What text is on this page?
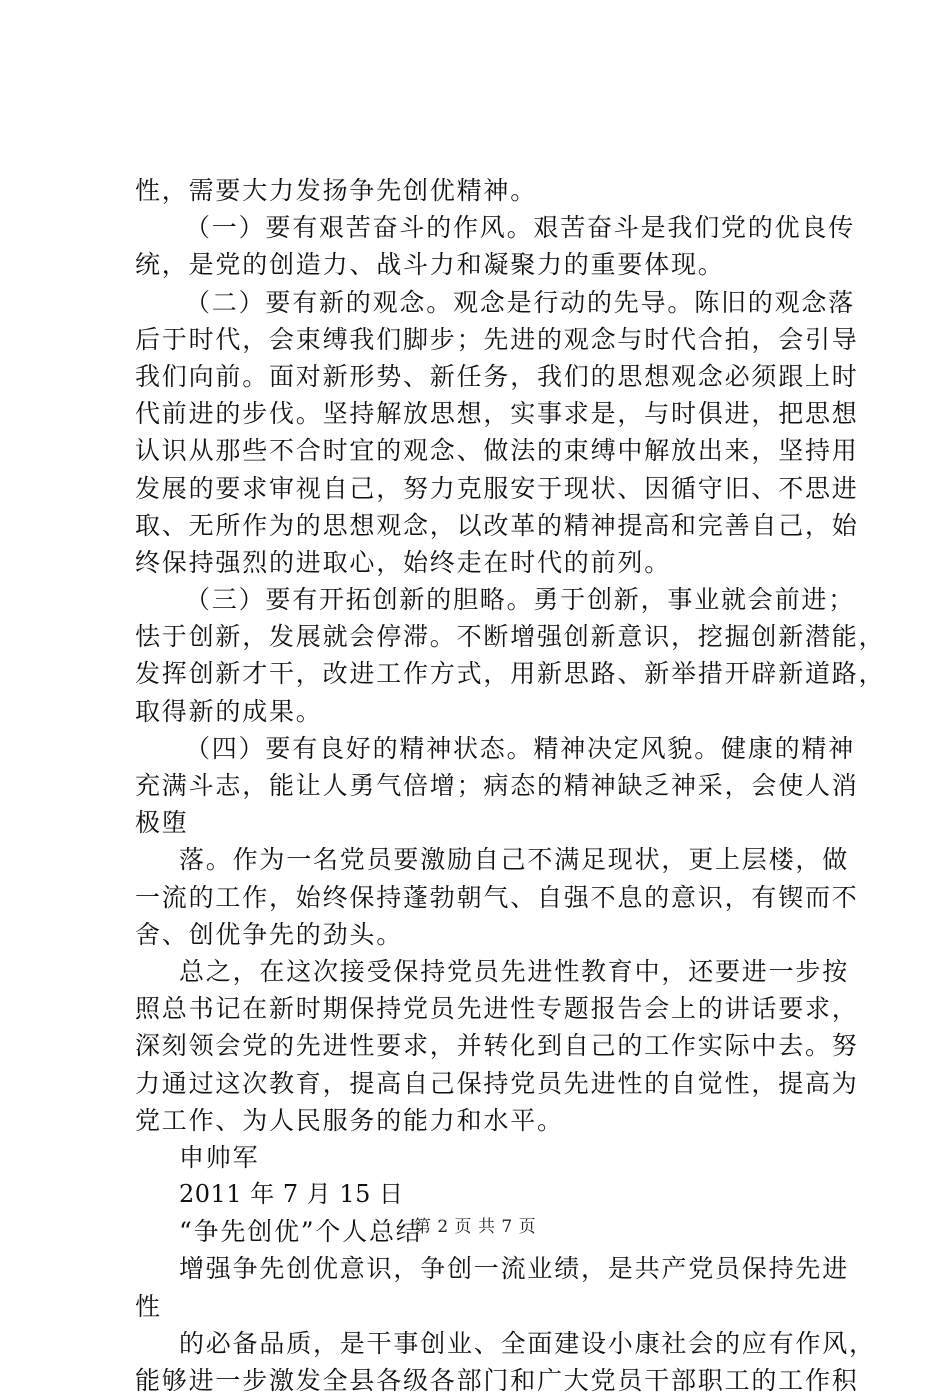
性，需要大力发扬争先创优精神。
（一）要有艰苦奋斗的作风。艰苦奋斗是我们党的优良传
统，是党的创造力、战斗力和凝聚力的重要体现。
（二）要有新的观念。观念是行动的先导。陈旧的观念落
后于时代，会束缚我们脚步；先进的观念与时代合拍，会引导
我们向前。面对新形势、新任务，我们的思想观念必须跟上时
代前进的步伐。坚持解放思想，实事求是，与时俱进，把思想
认识从那些不合时宜的观念、做法的束缚中解放出来，坚持用
发展的要求审视自己，努力克服安于现状、因循守旧、不思进
取、无所作为的思想观念，以改革的精神提高和完善自己，始
终保持强烈的进取心，始终走在时代的前列。
（三）要有开拓创新的胆略。勇于创新，事业就会前进；
怯于创新，发展就会停滞。不断增强创新意识，挖掘创新潜能，
发挥创新才干，改进工作方式，用新思路、新举措开辟新道路，
取得新的成果。
（四）要有良好的精神状态。精神决定风貌。健康的精神
充满斗志，能让人勇气倍增；病态的精神缺乏神采，会使人消
极堕
落。作为一名党员要激励自己不满足现状，更上层楼，做
一流的工作，始终保持蓬勃朝气、自强不息的意识，有锲而不
舍、创优争先的劲头。
总之，在这次接受保持党员先进性教育中，还要进一步按
照总书记在新时期保持党员先进性专题报告会上的讲话要求，
深刻领会党的先进性要求，并转化到自己的工作实际中去。努
力通过这次教育，提高自己保持党员先进性的自觉性，提高为
党工作、为人民服务的能力和水平。
申帅军
2011 年 7 月 15 日
“争先创优”个人总结
增强争先创优意识，争创一流业绩，是共产党员保持先进
性
的必备品质，是干事创业、全面建设小康社会的应有作风，
能够进一步激发全县各级各部门和广大党员干部职工的工作积
第 2 页 共 7 页
